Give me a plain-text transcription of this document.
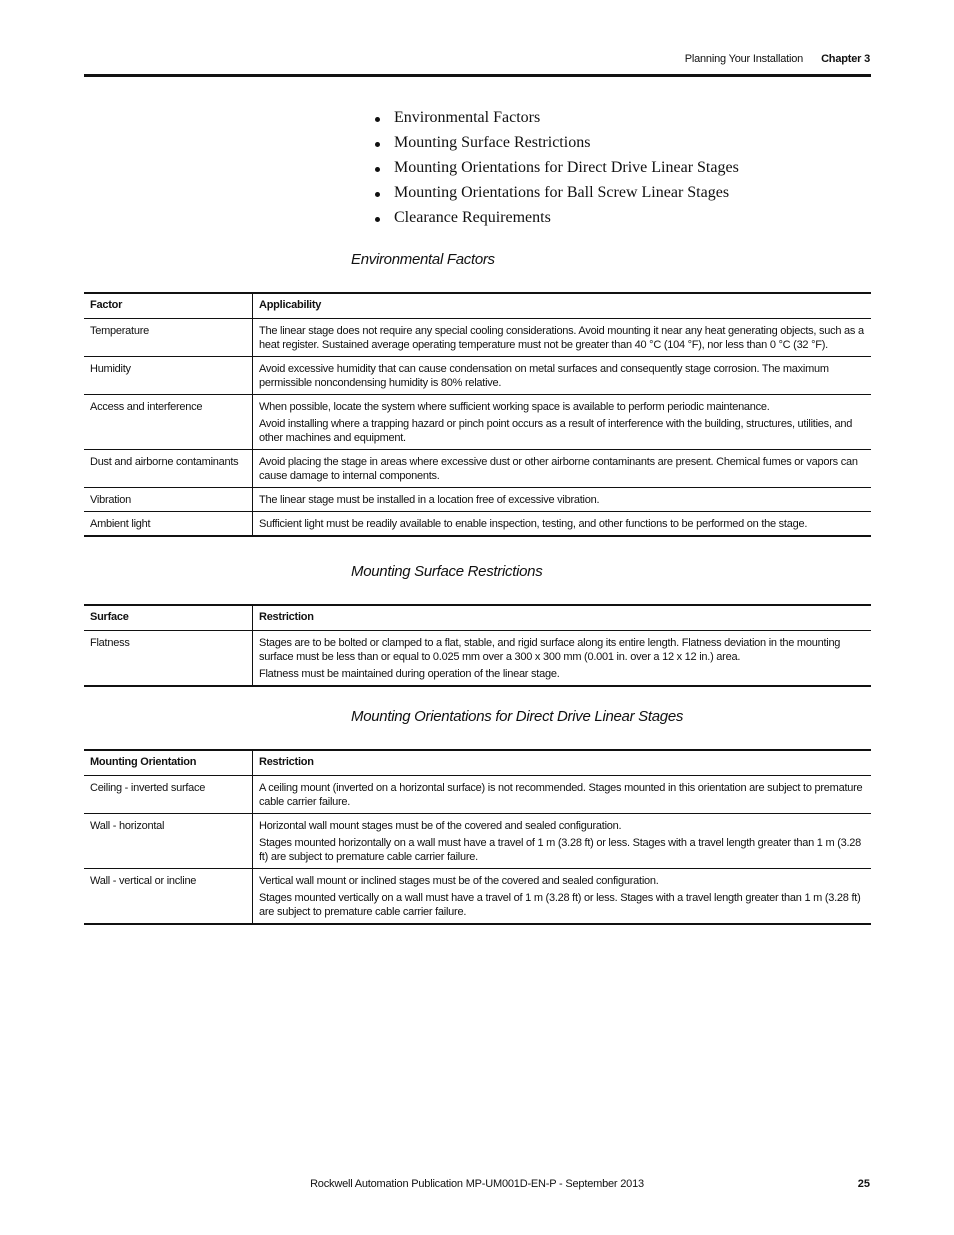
Planning Your Installation Chapter 3
Environmental Factors
Mounting Surface Restrictions
Mounting Orientations for Direct Drive Linear Stages
Mounting Orientations for Ball Screw Linear Stages
Clearance Requirements
Environmental Factors
Factor	Applicability
Temperature	The linear stage does not require any special cooling considerations. Avoid mounting it near any heat generating objects, such as a heat register. Sustained average operating temperature must not be greater than 40 °C (104 °F), nor less than 0 °C (32 °F).

Humidity	Avoid excessive humidity that can cause condensation on metal surfaces and consequently stage corrosion. The maximum permissible noncondensing humidity is 80% relative.

Access and interference	When possible, locate the system where sufficient working space is available to perform periodic maintenance.

Avoid installing where a trapping hazard or pinch point occurs as a result of interference with the building, structures, utilities, and other machines and equipment.

Dust and airborne contaminants	Avoid placing the stage in areas where excessive dust or other airborne contaminants are present. Chemical fumes or vapors can cause damage to internal components.

Vibration	The linear stage must be installed in a location free of excessive vibration.

Ambient light	Sufficient light must be readily available to enable inspection, testing, and other functions to be performed on the stage.

Mounting Surface Restrictions
Surface	Restriction
Flatness	Stages are to be bolted or clamped to a flat, stable, and rigid surface along its entire length. Flatness deviation in the mounting surface must be less than or equal to 0.025 mm over a 300 x 300 mm (0.001 in. over a 12 x 12 in.) area.

Flatness must be maintained during operation of the linear stage.

Mounting Orientations for Direct Drive Linear Stages
Mounting Orientation	Restriction
Ceiling - inverted surface	A ceiling mount (inverted on a horizontal surface) is not recommended. Stages mounted in this orientation are subject to premature cable carrier failure.

Wall - horizontal	Horizontal wall mount stages must be of the covered and sealed configuration.

Stages mounted horizontally on a wall must have a travel of 1 m (3.28 ft) or less. Stages with a travel length greater than 1 m (3.28 ft) are subject to premature cable carrier failure.

Wall - vertical or incline	Vertical wall mount or inclined stages must be of the covered and sealed configuration.

Stages mounted vertically on a wall must have a travel of 1 m (3.28 ft) or less. Stages with a travel length greater than 1 m (3.28 ft) are subject to premature cable carrier failure.

Rockwell Automation Publication MP-UM001D-EN-P - September 2013	25
